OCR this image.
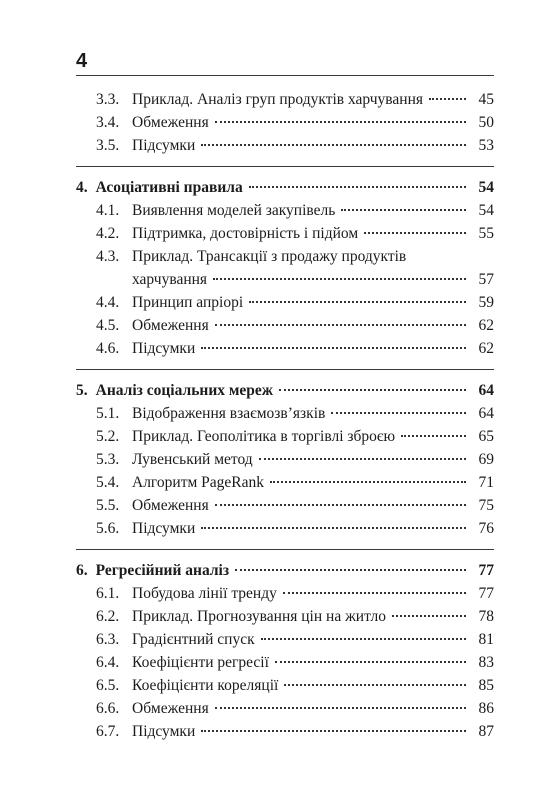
4
3.3. Приклад. Аналіз груп продуктів харчування	45
3.4. Обмеження	50
3.5. Підсумки	53
4. Асоціативні правила	54
4.1. Виявлення моделей закупівель	54
4.2. Підтримка, достовірність і підйом	55
4.3. Приклад. Трансакції з продажу продуктів
харчування	57
4.4. Принцип апріорі	59
4.5. Обмеження	62
4.6. Підсумки	62
5. Аналіз соціальних мереж	64
5.1. Відображення взаємозв’язків	64
5.2. Приклад. Геополітика в торгівлі зброєю	65
5.3. Лувенський метод	69
5.4. Алгоритм PageRank	71
5.5. Обмеження	75
5.6. Підсумки	76
6. Регресійний аналіз	77
6.1. Побудова лінії тренду	77
6.2. Приклад. Прогнозування цін на житло	78
6.3. Градієнтний спуск	81
6.4. Коефіцієнти регресії	83
6.5. Коефіцієнти кореляції	85
6.6. Обмеження	86
6.7. Підсумки	87
